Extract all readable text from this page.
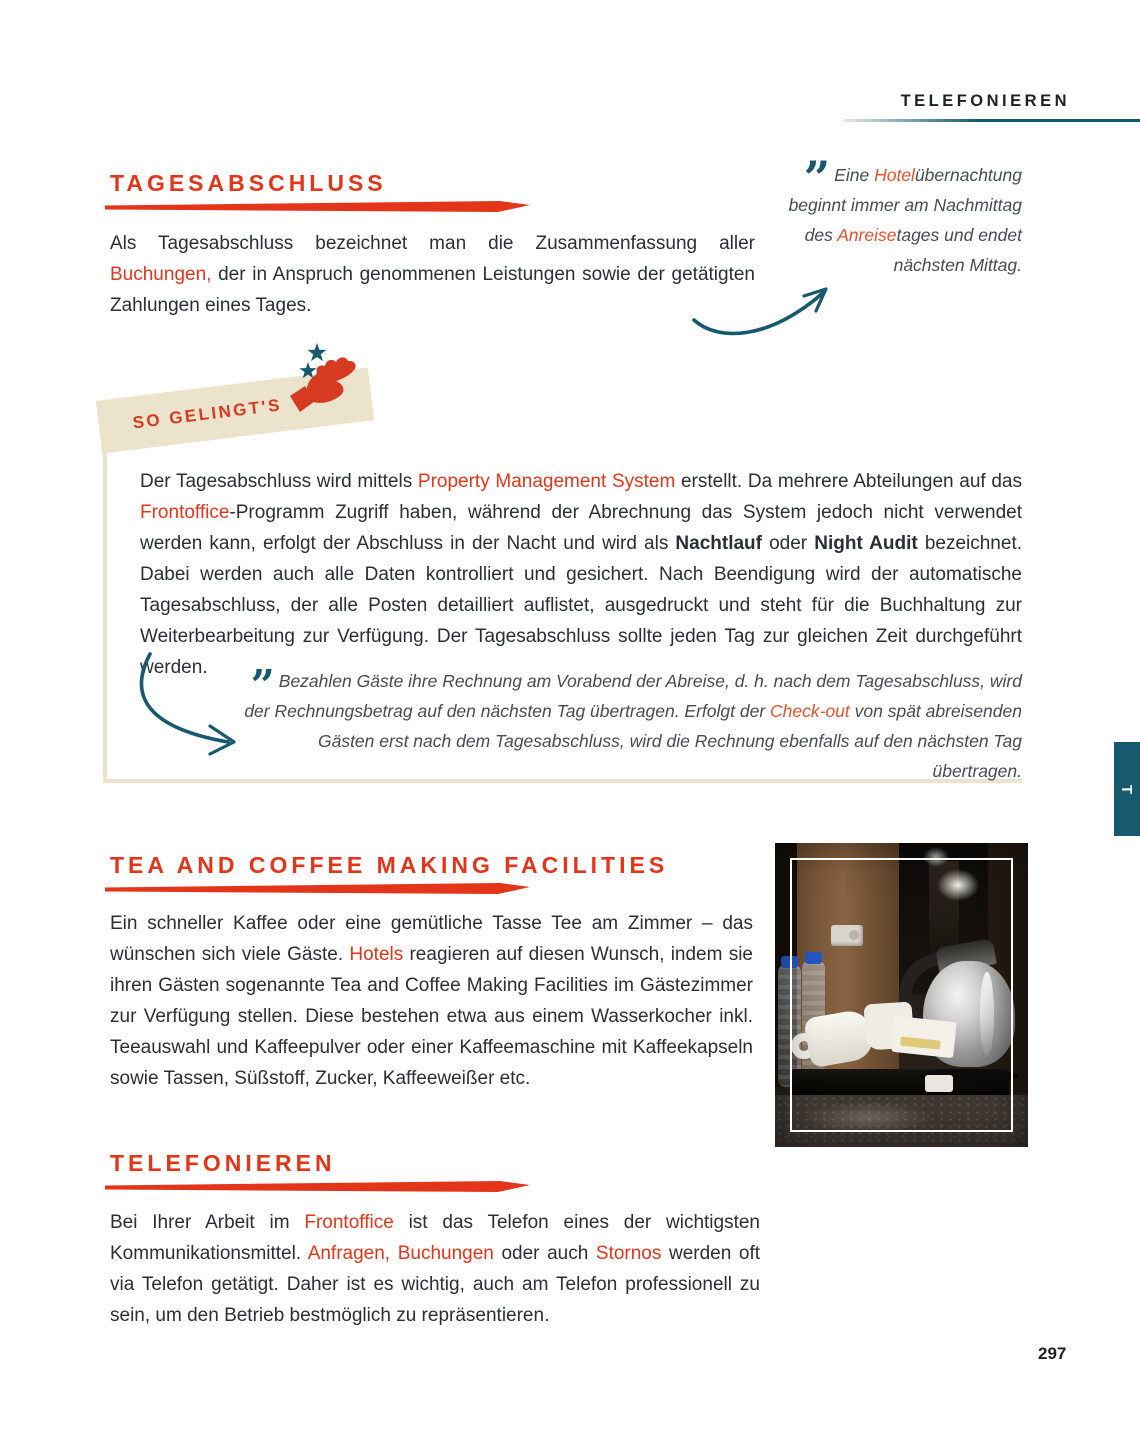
TELEFONIEREN
TAGESABSCHLUSS

Als Tagesabschluss bezeichnet man die Zusammenfassung aller Buchungen, der in Anspruch genommenen Leistungen sowie der getätigten Zahlungen eines Tages.

” Eine Hotelübernachtung beginnt immer am Nachmittag des Anreisetages und endet nächsten Mittag.
SO GELINGT'S

Der Tagesabschluss wird mittels Property Management System erstellt. Da mehrere Abteilungen auf das Frontoffice-Programm Zugriff haben, während der Abrechnung das System jedoch nicht verwendet werden kann, erfolgt der Abschluss in der Nacht und wird als Nachtlauf oder Night Audit bezeichnet. Dabei werden auch alle Daten kontrolliert und gesichert. Nach Beendigung wird der automatische Tagesabschluss, der alle Posten detailliert auflistet, ausgedruckt und steht für die Buchhaltung zur Weiterbearbeitung zur Verfügung. Der Tagesabschluss sollte jeden Tag zur gleichen Zeit durchgeführt werden.	” Bezahlen Gäste ihre Rechnung am Vorabend der Abreise, d. h. nach dem Tagesabschluss, wird der Rechnungsbetrag auf den nächsten Tag übertragen. Erfolgt der Check-out von spät abreisenden Gästen erst nach dem Tagesabschluss, wird die Rechnung ebenfalls auf den nächsten Tag übertragen.
TEA AND COFFEE MAKING FACILITIES

Ein schneller Kaffee oder eine gemütliche Tasse Tee am Zimmer – das wünschen sich viele Gäste. Hotels reagieren auf diesen Wunsch, indem sie ihren Gästen sogenannte Tea and Coffee Making Facilities im Gästezimmer zur Verfügung stellen. Diese bestehen etwa aus einem Wasserkocher inkl. Teeauswahl und Kaffeepulver oder einer Kaffeemaschine mit Kaffeekapseln sowie Tassen, Süßstoff, Zucker, Kaffeeweißer etc.

TELEFONIEREN

Bei Ihrer Arbeit im Frontoffice ist das Telefon eines der wichtigsten Kommunikationsmittel. Anfragen, Buchungen oder auch Stornos werden oft via Telefon getätigt. Daher ist es wichtig, auch am Telefon professionell zu sein, um den Betrieb bestmöglich zu repräsentieren.

T
297
